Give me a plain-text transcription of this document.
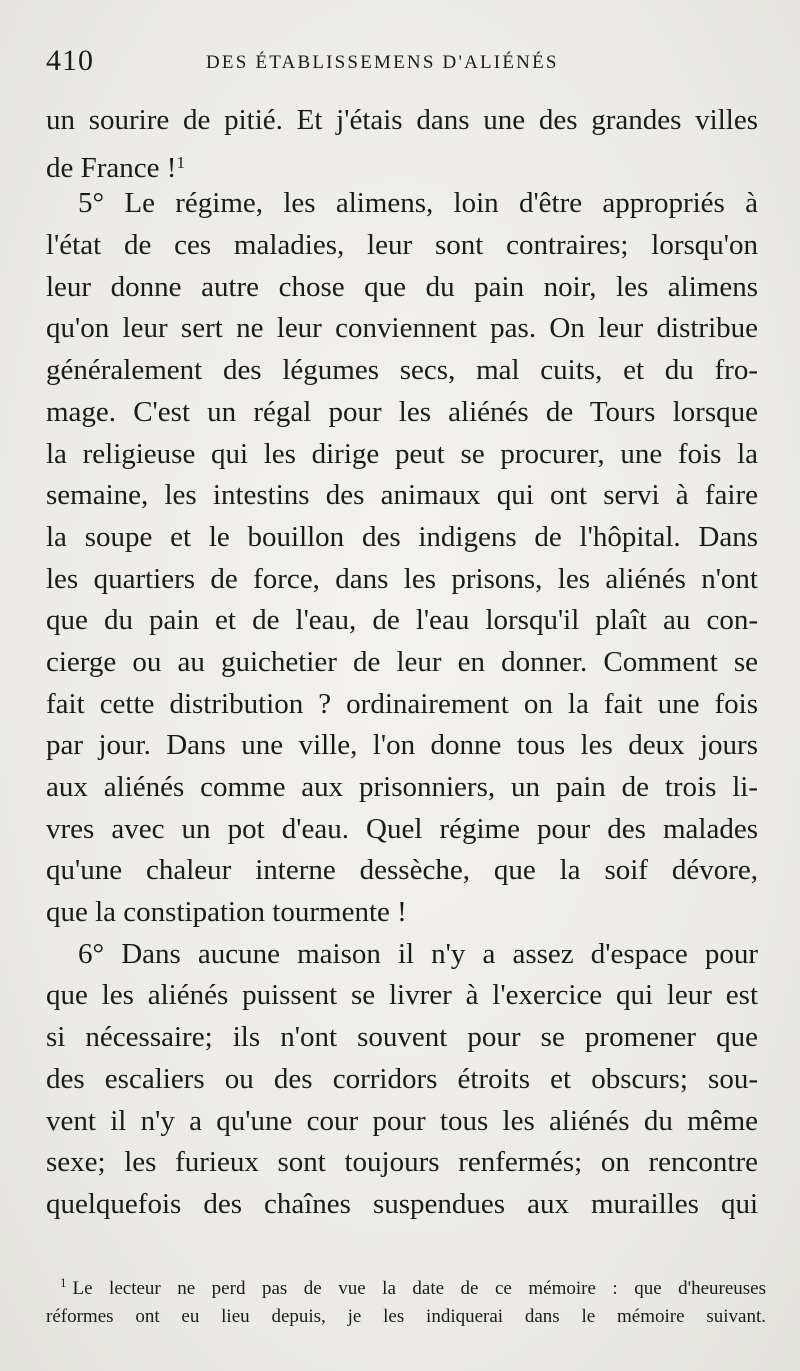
410	DES ÉTABLISSEMENS D'ALIÉNÉS
un sourire de pitié. Et j'étais dans une des grandes villes
de France !$^1$
5° Le régime, les alimens, loin d'être appropriés à
l'état de ces maladies, leur sont contraires; lorsqu'on
leur donne autre chose que du pain noir, les alimens
qu'on leur sert ne leur conviennent pas. On leur distribue
généralement des légumes secs, mal cuits, et du fro-
mage. C'est un régal pour les aliénés de Tours lorsque
la religieuse qui les dirige peut se procurer, une fois la
semaine, les intestins des animaux qui ont servi à faire
la soupe et le bouillon des indigens de l'hôpital. Dans
les quartiers de force, dans les prisons, les aliénés n'ont
que du pain et de l'eau, de l'eau lorsqu'il plaît au con-
cierge ou au guichetier de leur en donner. Comment se
fait cette distribution ? ordinairement on la fait une fois
par jour. Dans une ville, l'on donne tous les deux jours
aux aliénés comme aux prisonniers, un pain de trois li-
vres avec un pot d'eau. Quel régime pour des malades
qu'une chaleur interne dessèche, que la soif dévore,
que la constipation tourmente !
6° Dans aucune maison il n'y a assez d'espace pour
que les aliénés puissent se livrer à l'exercice qui leur est
si nécessaire; ils n'ont souvent pour se promener que
des escaliers ou des corridors étroits et obscurs; sou-
vent il n'y a qu'une cour pour tous les aliénés du même
sexe; les furieux sont toujours renfermés; on rencontre
quelquefois des chaînes suspendues aux murailles qui
$^1$ Le lecteur ne perd pas de vue la date de ce mémoire : que d'heureuses
réformes ont eu lieu depuis, je les indiquerai dans le mémoire suivant.
